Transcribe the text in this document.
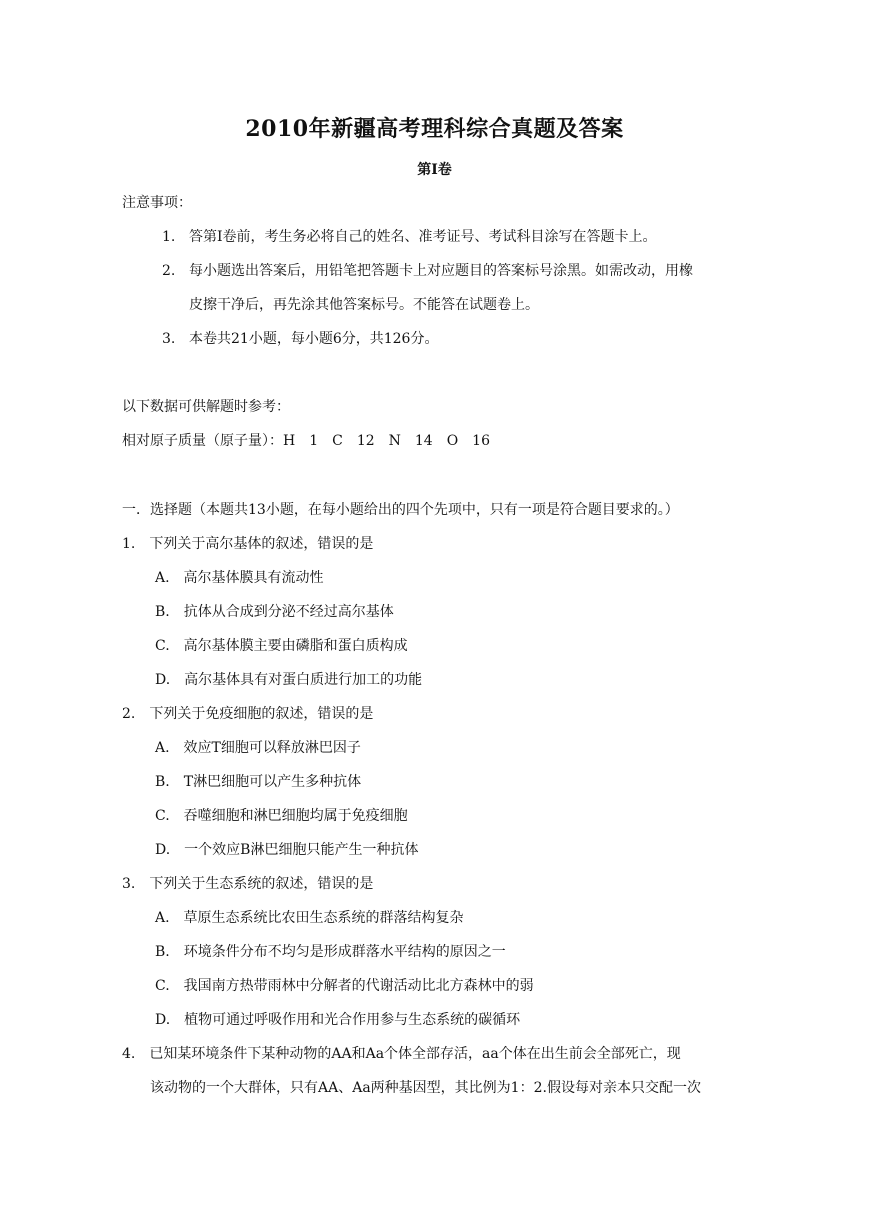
2010年新疆高考理科综合真题及答案
第Ⅰ卷
注意事项：
1. 答第Ⅰ卷前，考生务必将自己的姓名、准考证号、考试科目涂写在答题卡上。
2. 每小题选出答案后，用铅笔把答题卡上对应题目的答案标号涂黑。如需改动，用橡
皮擦干净后，再先涂其他答案标号。不能答在试题卷上。
3. 本卷共21小题，每小题6分，共126分。
以下数据可供解题时参考：
相对原子质量（原子量）：H　1　C　12　N　14　O　16
一．选择题（本题共13小题，在每小题给出的四个先项中，只有一项是符合题目要求的。）
1.　下列关于高尔基体的叙述，错误的是
A.　高尔基体膜具有流动性
B.　抗体从合成到分泌不经过高尔基体
C.　高尔基体膜主要由磷脂和蛋白质构成
D.　高尔基体具有对蛋白质进行加工的功能
2.　下列关于免疫细胞的叙述，错误的是
A.　效应T细胞可以释放淋巴因子
B.　T淋巴细胞可以产生多种抗体
C.　吞噬细胞和淋巴细胞均属于免疫细胞
D.　一个效应B淋巴细胞只能产生一种抗体
3.　下列关于生态系统的叙述，错误的是
A.　草原生态系统比农田生态系统的群落结构复杂
B.　环境条件分布不均匀是形成群落水平结构的原因之一
C.　我国南方热带雨林中分解者的代谢活动比北方森林中的弱
D.　植物可通过呼吸作用和光合作用参与生态系统的碳循环
4.　已知某环境条件下某种动物的AA和Aa个体全部存活，aa个体在出生前会全部死亡，现
该动物的一个大群体，只有AA、Aa两种基因型，其比例为1：2.假设每对亲本只交配一次
